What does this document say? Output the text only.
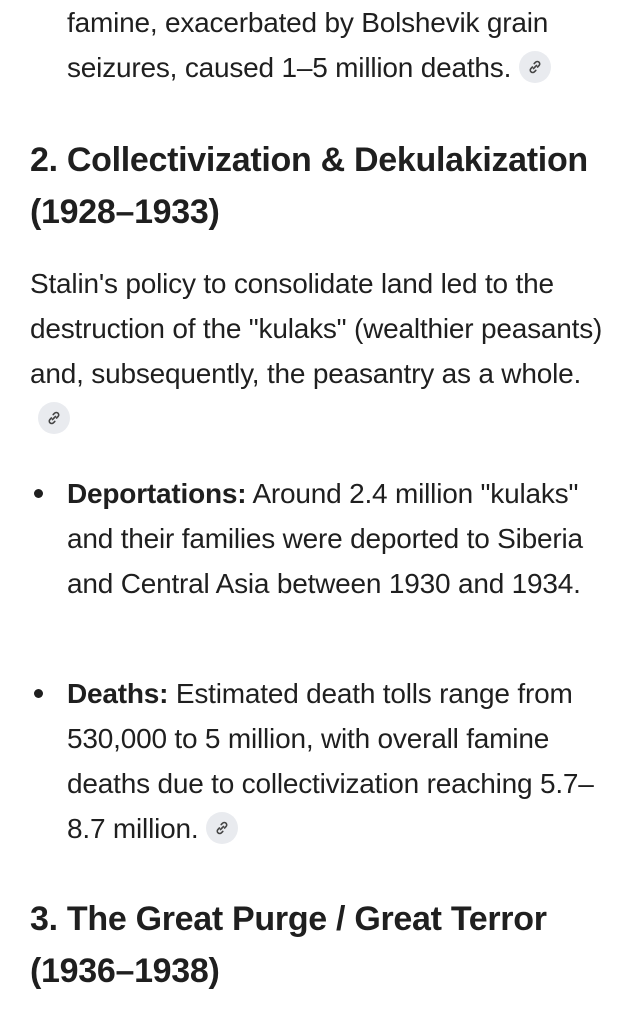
famine, exacerbated by Bolshevik grain seizures, caused 1–5 million deaths.
2. Collectivization & Dekulakization (1928–1933)
Stalin's policy to consolidate land led to the destruction of the "kulaks" (wealthier peasants) and, subsequently, the peasantry as a whole.
Deportations: Around 2.4 million "kulaks" and their families were deported to Siberia and Central Asia between 1930 and 1934.
Deaths: Estimated death tolls range from 530,000 to 5 million, with overall famine deaths due to collectivization reaching 5.7–8.7 million.
3. The Great Purge / Great Terror (1936–1938)
